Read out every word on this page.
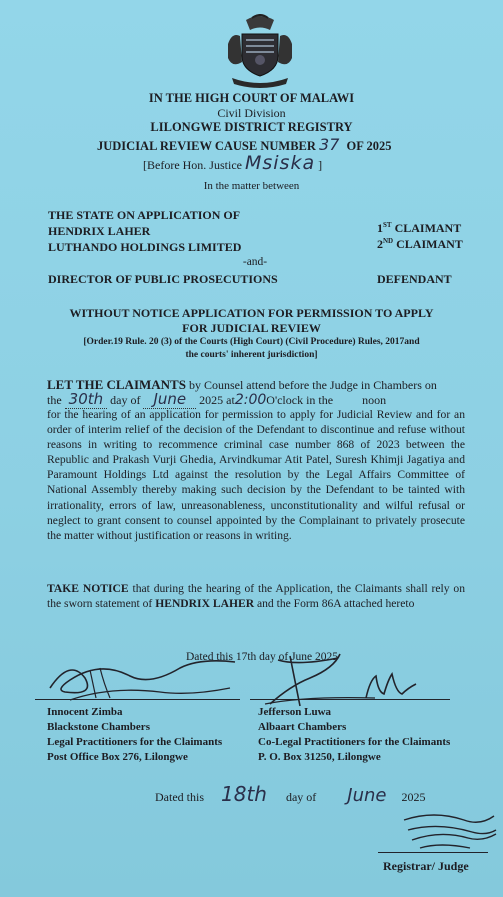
IN THE HIGH COURT OF MALAWI
Civil Division
LILONGWE DISTRICT REGISTRY
JUDICIAL REVIEW CAUSE NUMBER 37 OF 2025
[Before Hon. Justice Msiska ]
In the matter between
THE STATE ON APPLICATION OF
HENDRIX LAHER
LUTHANDO HOLDINGS LIMITED
1ST CLAIMANT
2ND CLAIMANT
-and-
DIRECTOR OF PUBLIC PROSECUTIONS	DEFENDANT
WITHOUT NOTICE APPLICATION FOR PERMISSION TO APPLY
FOR JUDICIAL REVIEW
[Order.19 Rule. 20 (3) of the Courts (High Court) (Civil Procedure) Rules, 2017and
the courts' inherent jurisdiction]
LET THE CLAIMANTS by Counsel attend before the Judge in Chambers on
the 30th day of June 2025 at2:00O'clock in the noon

for the hearing of an application for permission to apply for Judicial Review and for an order of interim relief of the decision of the Defendant to discontinue and refuse without reasons in writing to recommence criminal case number 868 of 2023 between the Republic and Prakash Vurji Ghedia, Arvindkumar Atit Patel, Suresh Khimji Jagatiya and Paramount Holdings Ltd against the resolution by the Legal Affairs Committee of National Assembly thereby making such decision by the Defendant to be tainted with irrationality, errors of law, unreasonableness, unconstitutionality and wilful refusal or neglect to grant consent to counsel appointed by the Complainant to privately prosecute the matter without justification or reasons in writing.

TAKE NOTICE that during the hearing of the Application, the Claimants shall rely on the sworn statement of HENDRIX LAHER and the Form 86A attached hereto

Dated this 17th day of June 2025
Innocent Zimba
Blackstone Chambers
Legal Practitioners for the Claimants
Post Office Box 276, Lilongwe
Jefferson Luwa
Albaart Chambers
Co-Legal Practitioners for the Claimants
P. O. Box 31250, Lilongwe
Dated this 18th day of June 2025
Registrar/ Judge
